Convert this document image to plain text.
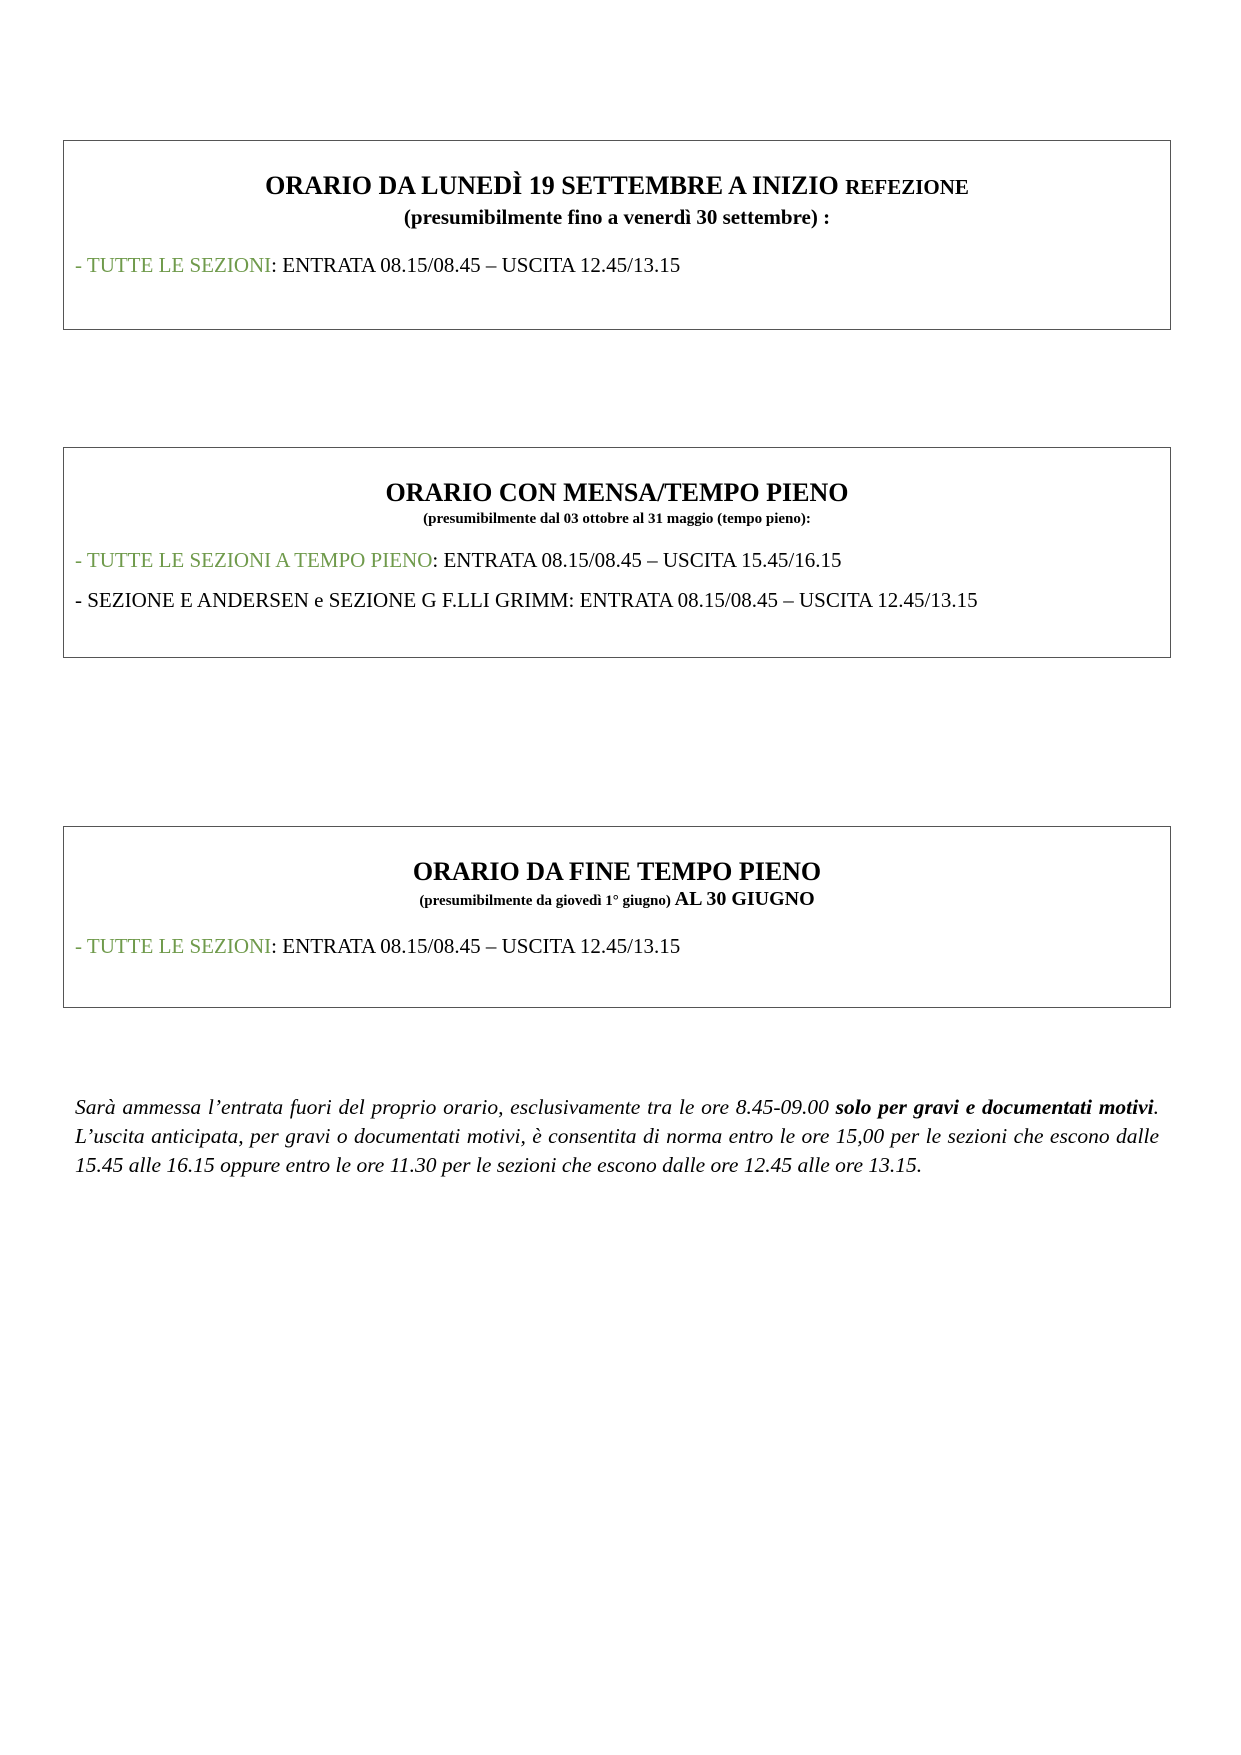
ORARIO DA LUNEDÌ 19 SETTEMBRE A INIZIO REFEZIONE

(presumibilmente fino a venerdì 30 settembre) :

- TUTTE LE SEZIONI: ENTRATA 08.15/08.45 – USCITA 12.45/13.15

ORARIO CON MENSA/TEMPO PIENO

(presumibilmente dal 03 ottobre al 31 maggio (tempo pieno):

- TUTTE LE SEZIONI A TEMPO PIENO: ENTRATA 08.15/08.45 – USCITA 15.45/16.15

- SEZIONE E ANDERSEN e SEZIONE G F.LLI GRIMM: ENTRATA 08.15/08.45 – USCITA 12.45/13.15

ORARIO DA FINE TEMPO PIENO

(presumibilmente da giovedì 1° giugno) AL 30 GIUGNO

- TUTTE LE SEZIONI: ENTRATA 08.15/08.45 – USCITA 12.45/13.15

Sarà ammessa l’entrata fuori del proprio orario, esclusivamente tra le ore 8.45-09.00 solo per gravi e documentati motivi. L’uscita anticipata, per gravi o documentati motivi, è consentita di norma entro le ore 15,00 per le sezioni che escono dalle 15.45 alle 16.15 oppure entro le ore 11.30 per le sezioni che escono dalle ore 12.45 alle ore 13.15.
